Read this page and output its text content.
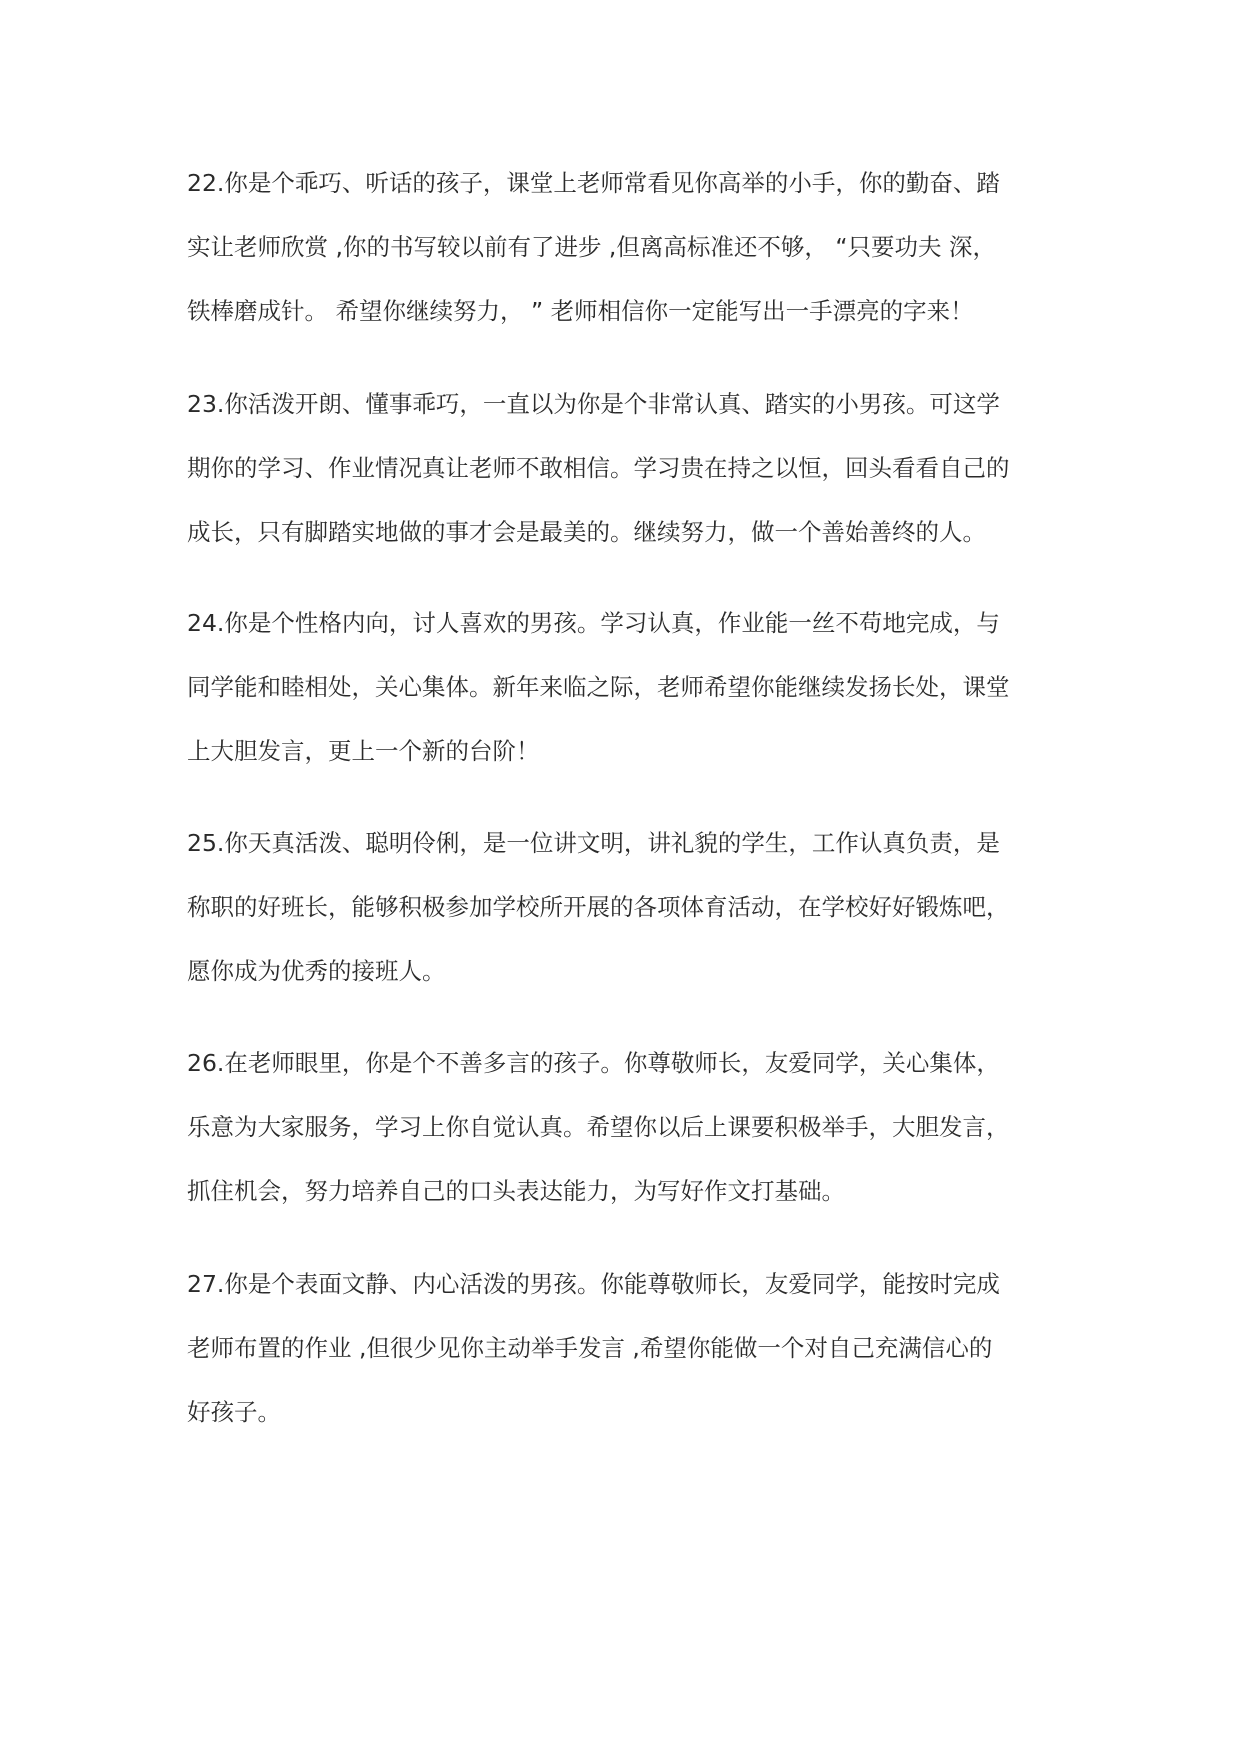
22.你是个乖巧、听话的孩子，课堂上老师常看见你高举的小手，你的勤奋、踏

实让老师欣赏 ,你的书写较以前有了进步 ,但离高标准还不够， “只要功夫 深，

铁棒磨成针。 希望你继续努力， ” 老师相信你一定能写出一手漂亮的字来！

23.你活泼开朗、懂事乖巧，一直以为你是个非常认真、踏实的小男孩。可这学

期你的学习、作业情况真让老师不敢相信。学习贵在持之以恒，回头看看自己的

成长，只有脚踏实地做的事才会是最美的。继续努力，做一个善始善终的人。

24.你是个性格内向，讨人喜欢的男孩。学习认真，作业能一丝不苟地完成，与

同学能和睦相处，关心集体。新年来临之际，老师希望你能继续发扬长处，课堂

上大胆发言，更上一个新的台阶！

25.你天真活泼、聪明伶俐，是一位讲文明，讲礼貌的学生，工作认真负责，是

称职的好班长，能够积极参加学校所开展的各项体育活动，在学校好好锻炼吧，

愿你成为优秀的接班人。

26.在老师眼里，你是个不善多言的孩子。你尊敬师长，友爱同学，关心集体，

乐意为大家服务，学习上你自觉认真。希望你以后上课要积极举手，大胆发言，

抓住机会，努力培养自己的口头表达能力，为写好作文打基础。

27.你是个表面文静、内心活泼的男孩。你能尊敬师长，友爱同学，能按时完成

老师布置的作业 ,但很少见你主动举手发言 ,希望你能做一个对自己充满信心的

好孩子。
